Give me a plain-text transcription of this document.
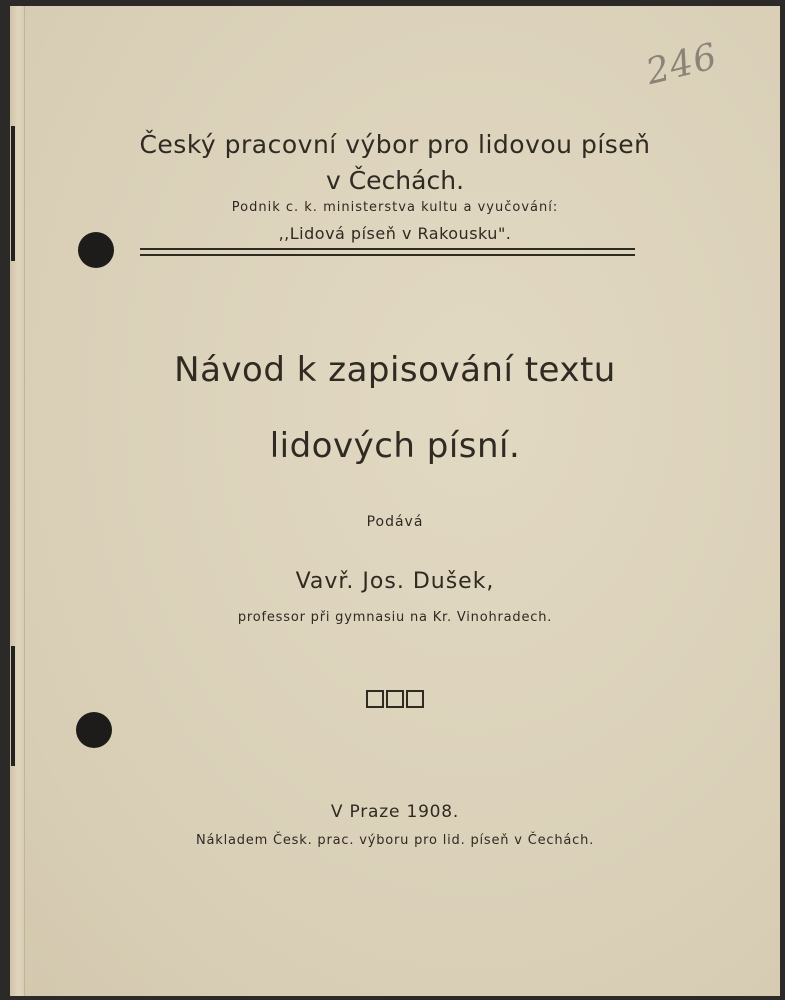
246
Český pracovní výbor pro lidovou píseň
v Čechách.
Podnik c. k. ministerstva kultu a vyučování:
,,Lidová píseň v Rakousku".
Návod k zapisování textu
lidových písní.
Podává
Vavř. Jos. Dušek,
professor při gymnasiu na Kr. Vinohradech.

V Praze 1908.
Nákladem Česk. prac. výboru pro lid. píseň v Čechách.
